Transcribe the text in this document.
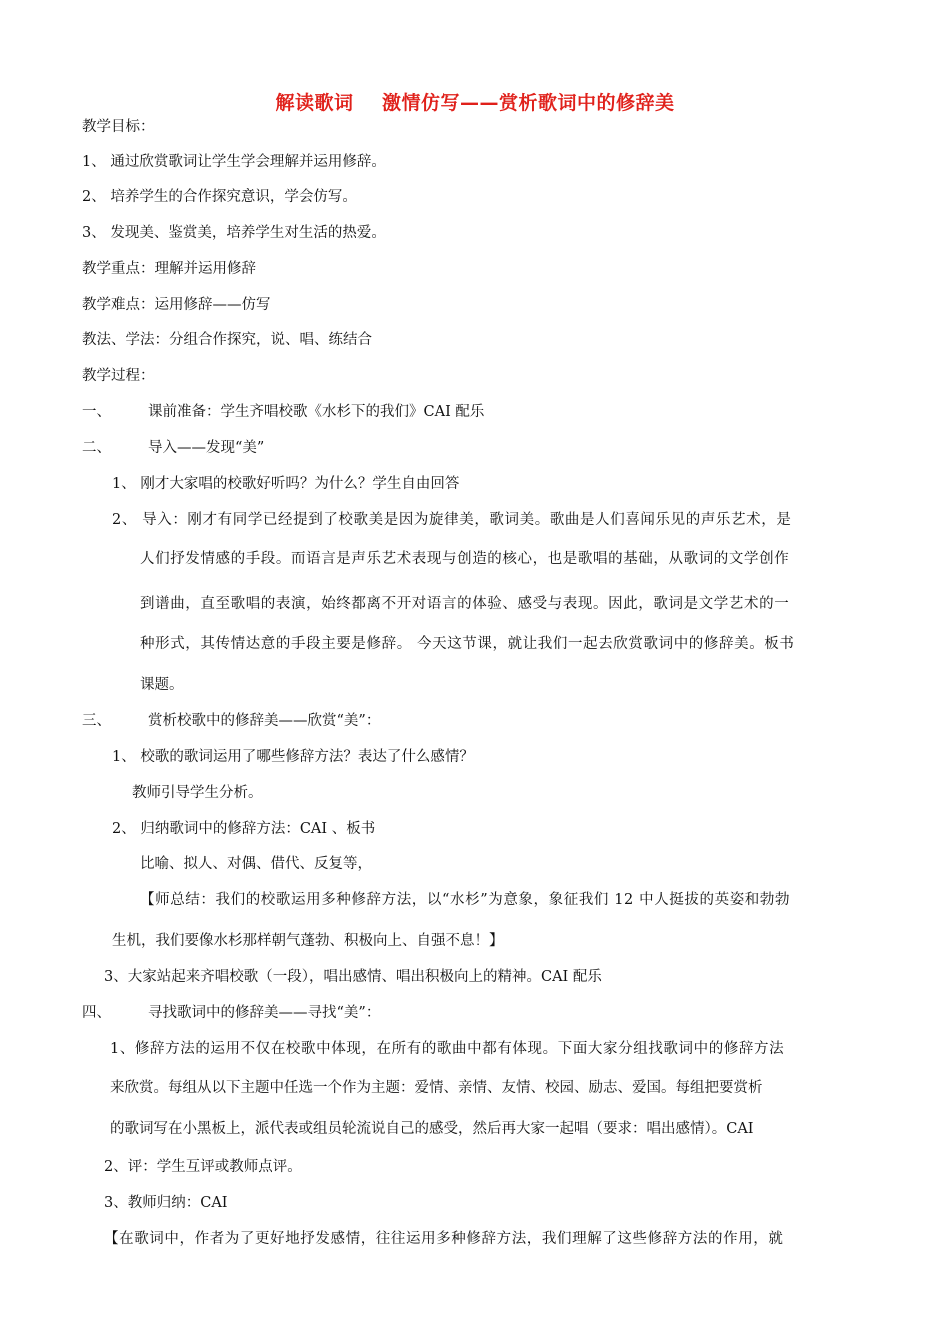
解读歌词    激情仿写——赏析歌词中的修辞美
教学目标：
1、 通过欣赏歌词让学生学会理解并运用修辞。
2、 培养学生的合作探究意识，学会仿写。
3、 发现美、鉴赏美，培养学生对生活的热爱。
教学重点：理解并运用修辞
教学难点：运用修辞——仿写
教法、学法：分组合作探究，说、唱、练结合
教学过程：
一、	课前准备：学生齐唱校歌《水杉下的我们》CAI 配乐
二、	导入——发现“美”
1、 刚才大家唱的校歌好听吗？为什么？学生自由回答
2、 导入：刚才有同学已经提到了校歌美是因为旋律美，歌词美。歌曲是人们喜闻乐见的声乐艺术，是
人们抒发情感的手段。而语言是声乐艺术表现与创造的核心，也是歌唱的基础，从歌词的文学创作
到谱曲，直至歌唱的表演，始终都离不开对语言的体验、感受与表现。因此，歌词是文学艺术的一
种形式，其传情达意的手段主要是修辞。 今天这节课，就让我们一起去欣赏歌词中的修辞美。板书
课题。
三、	赏析校歌中的修辞美——欣赏“美”：
1、 校歌的歌词运用了哪些修辞方法？表达了什么感情？
教师引导学生分析。
2、 归纳歌词中的修辞方法：CAI 、板书
比喻、拟人、对偶、借代、反复等，
【师总结：我们的校歌运用多种修辞方法，以“水杉”为意象，象征我们 12 中人挺拔的英姿和勃勃
生机，我们要像水杉那样朝气蓬勃、积极向上、自强不息！】
3、大家站起来齐唱校歌（一段），唱出感情、唱出积极向上的精神。CAI 配乐
四、	寻找歌词中的修辞美——寻找“美”：
1、修辞方法的运用不仅在校歌中体现，在所有的歌曲中都有体现。下面大家分组找歌词中的修辞方法
来欣赏。每组从以下主题中任选一个作为主题：爱情、亲情、友情、校园、励志、爱国。每组把要赏析
的歌词写在小黑板上，派代表或组员轮流说自己的感受，然后再大家一起唱（要求：唱出感情）。CAI
2、评：学生互评或教师点评。
3、教师归纳：CAI
【在歌词中，作者为了更好地抒发感情，往往运用多种修辞方法，我们理解了这些修辞方法的作用，就
